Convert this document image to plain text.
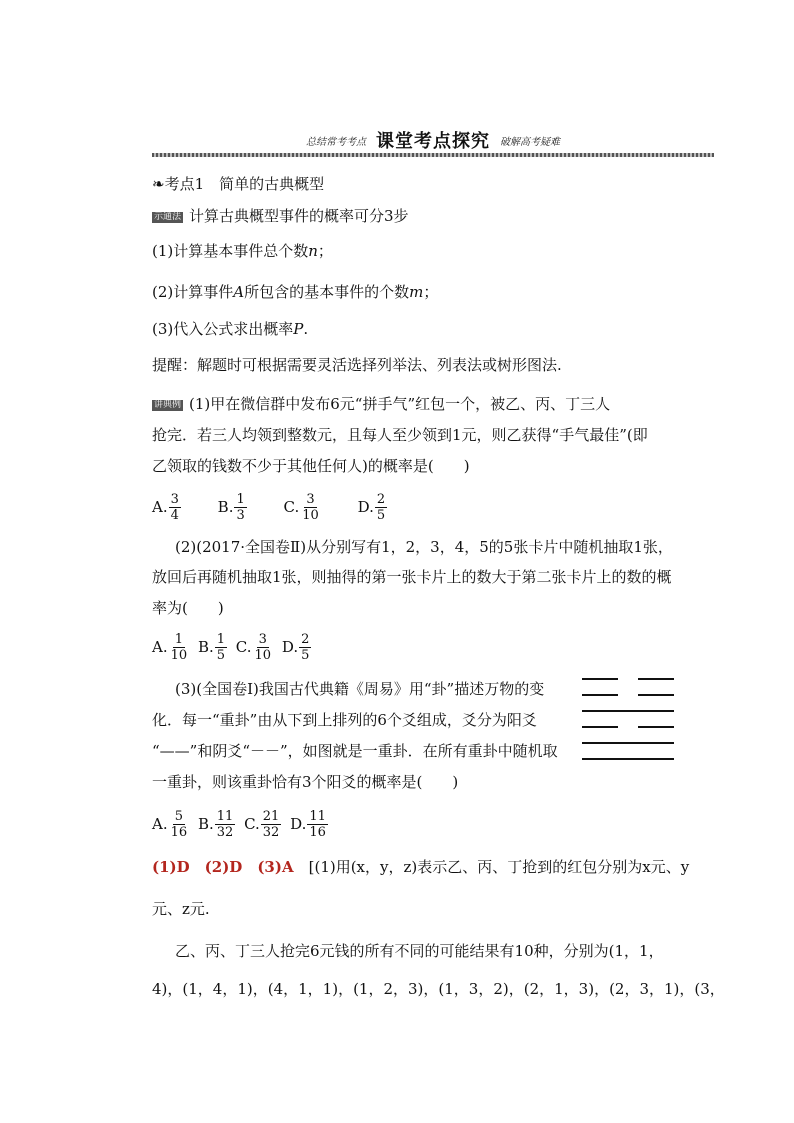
总结常考考点 课堂考点探究 破解高考疑难
❧考点1　简单的古典概型
示通法 计算古典概型事件的概率可分3步
(1)计算基本事件总个数n；
(2)计算事件A所包含的基本事件的个数m；
(3)代入公式求出概率P.
提醒：解题时可根据需要灵活选择列举法、列表法或树形图法.
讲典例 (1)甲在微信群中发布6元“拼手气”红包一个，被乙、丙、丁三人
抢完．若三人均领到整数元，且每人至少领到1元，则乙获得“手气最佳”(即
乙领取的钱数不少于其他任何人)的概率是(　　)
A. $\frac{3}{4}$
B. $\frac{1}{3}$
C. $\frac{3}{10}$
D. $\frac{2}{5}$
(2)(2017·全国卷Ⅱ)从分别写有1，2，3，4，5的5张卡片中随机抽取1张，
放回后再随机抽取1张，则抽得的第一张卡片上的数大于第二张卡片上的数的概
率为(　　)
A. $\frac{1}{10}$
B. $\frac{1}{5}$
C. $\frac{3}{10}$
D. $\frac{2}{5}$
(3)(全国卷Ⅰ)我国古代典籍《周易》用“卦”描述万物的变
化．每一“重卦”由从下到上排列的6个爻组成，爻分为阳爻
“——”和阴爻“－－”，如图就是一重卦．在所有重卦中随机取
一重卦，则该重卦恰有3个阳爻的概率是(　　)
A. $\frac{5}{16}$
B. $\frac{11}{32}$
C. $\frac{21}{32}$
D. $\frac{11}{16}$
(1)D　 (2)D　 (3)A　 [(1)用(x，y，z)表示乙、丙、丁抢到的红包分别为x元、y
元、z元.
乙、丙、丁三人抢完6元钱的所有不同的可能结果有10种，分别为(1，1，
4)，(1，4，1)，(4，1，1)，(1，2，3)，(1，3，2)，(2，1，3)，(2，3，1)，(3，
